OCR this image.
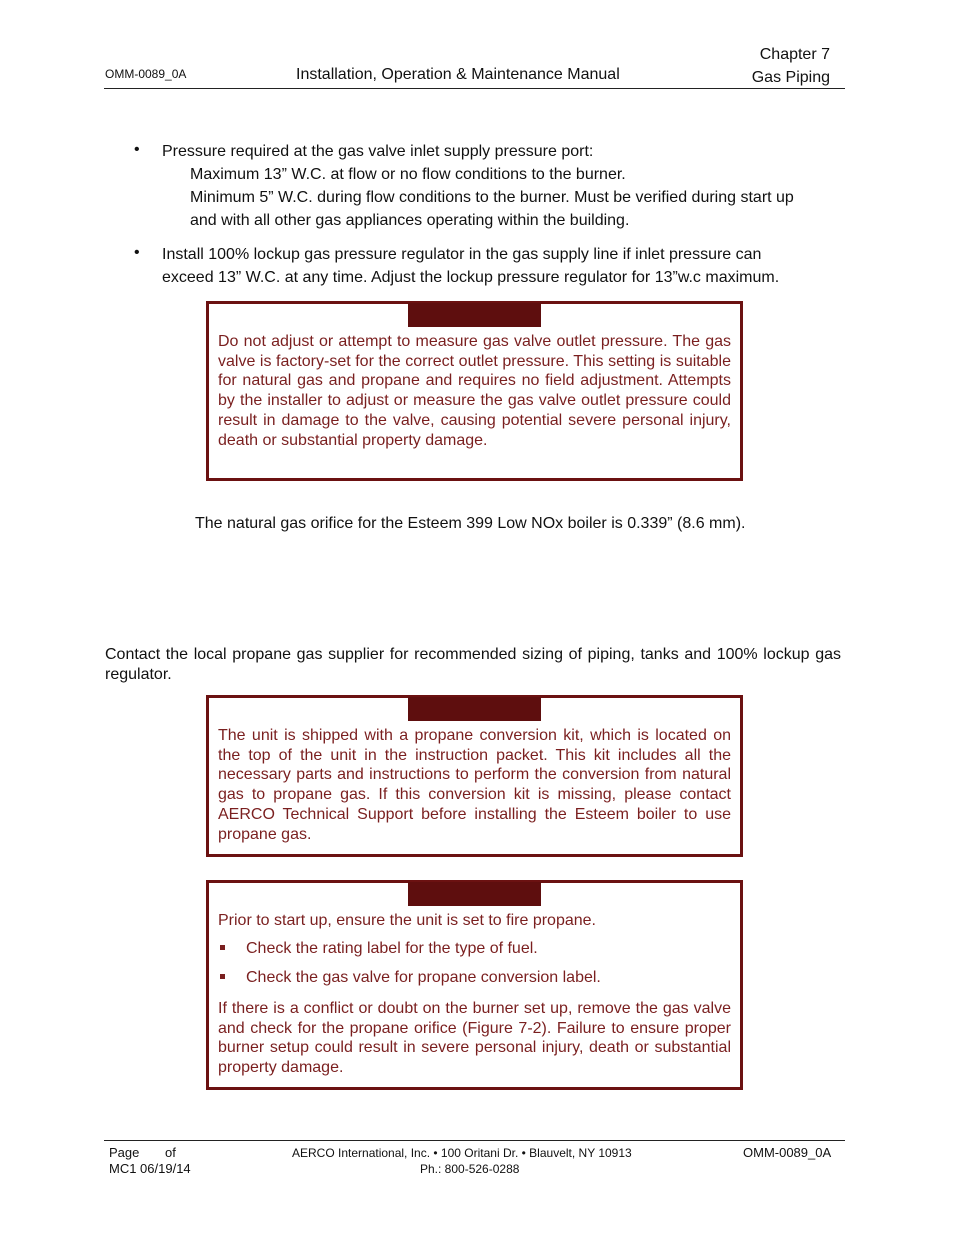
OMM-0089_0A	Installation, Operation & Maintenance Manual
Chapter 7
Gas Piping
• Pressure required at the gas valve inlet supply pressure port:
Maximum 13” W.C. at flow or no flow conditions to the burner.
Minimum 5” W.C. during flow conditions to the burner. Must be verified during start up
and with all other gas appliances operating within the building.
• Install 100% lockup gas pressure regulator in the gas supply line if inlet pressure can
exceed 13” W.C. at any time. Adjust the lockup pressure regulator for 13”w.c maximum.
Do not adjust or attempt to measure gas valve outlet pressure. The gas valve is factory-set for the correct outlet pressure. This setting is suitable for natural gas and propane and requires no field adjustment. Attempts by the installer to adjust or measure the gas valve outlet pressure could result in damage to the valve, causing potential severe personal injury, death or substantial property damage.
The natural gas orifice for the Esteem 399 Low NOx boiler is 0.339” (8.6 mm).
Contact the local propane gas supplier for recommended sizing of piping, tanks and 100% lockup gas regulator.
The unit is shipped with a propane conversion kit, which is located on the top of the unit in the instruction packet. This kit includes all the necessary parts and instructions to perform the conversion from natural gas to propane gas. If this conversion kit is missing, please contact AERCO Technical Support before installing the Esteem boiler to use propane gas.
Prior to start up, ensure the unit is set to fire propane.
Check the rating label for the type of fuel.
Check the gas valve for propane conversion label.
If there is a conflict or doubt on the burner set up, remove the gas valve and check for the propane orifice (Figure 7-2). Failure to ensure proper burner setup could result in severe personal injury, death or substantial property damage.
Page of
MC1 06/19/14
AERCO International, Inc. • 100 Oritani Dr. • Blauvelt, NY 10913
Ph.: 800-526-0288
OMM-0089_0A
